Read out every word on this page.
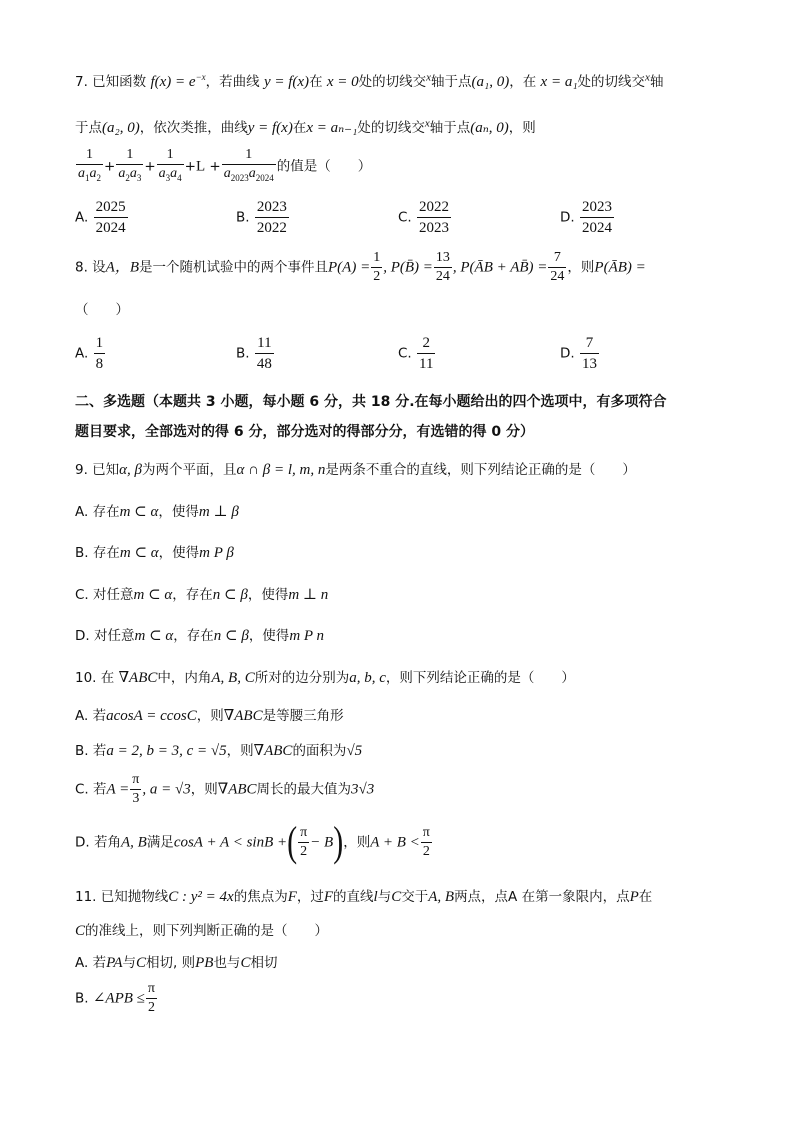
7. 已知函数 $f(x) = e^{-x}$，若曲线 y = f(x)在 x = 0处的切线交$^x$轴于点(a₁, 0)，在 x = a₁处的切线交$^x$轴
于点(a₂, 0)，依次类推，曲线y = f(x)在x = aₙ₋₁处的切线交$^x$轴于点(aₙ, 0)，则
$\frac{1}{a_1a_2} + \frac{1}{a_2a_3} + \frac{1}{a_3a_4} +L + \frac{1}{a_{2023}a_{2024}}$ 的值是（　　）
A. $\frac{2025}{2024}$	B. $\frac{2023}{2022}$	C. $\frac{2022}{2023}$	D. $\frac{2023}{2024}$
8. 设A，B是一个随机试验中的两个事件且$P(A) = \frac{1}{2}$ , P(B̄) = $\frac{13}{24}$ , P(ĀB + AB̄) = $\frac{7}{24}$ ，则P(ĀB) =
（　　）
A. $\frac{1}{8}$	B. $\frac{11}{48}$	C. $\frac{2}{11}$	D. $\frac{7}{13}$
二、多选题（本题共 3 小题，每小题 6 分，共 18 分.在每小题给出的四个选项中，有多项符合
题目要求，全部选对的得 6 分，部分选对的得部分分，有选错的得 0 分）
9. 已知α, β为两个平面，且α ∩ β = l, m, n是两条不重合的直线，则下列结论正确的是（　　）
A. 存在m ⊂ α，使得m ⊥ β
B. 存在m ⊂ α，使得m P β
C. 对任意m ⊂ α，存在n ⊂ β，使得m ⊥ n
D. 对任意m ⊂ α，存在n ⊂ β，使得m P n
10. 在 ∇ABC中，内角A, B, C所对的边分别为a, b, c，则下列结论正确的是（　　）
A. 若acosA = ccosC，则∇ABC是等腰三角形
B. 若a = 2, b = 3, c = √5，则∇ABC的面积为√5
C. 若$A = \frac{\pi}{3}$ , a = √3，则∇ABC周长的最大值为3√3
D. 若角A, B满足cosA + A < sinB +( $\frac{\pi}{2} - B$)，则$A + B < \frac{\pi}{2}$
11. 已知抛物线C : y² = 4x的焦点为F，过F的直线l与C交于A, B两点，点A 在第一象限内，点P在
C的准线上，则下列判断正确的是（　　）
A. 若PA与C相切, 则PB也与C相切
B. ∠APB ≤ $\frac{\pi}{2}$
